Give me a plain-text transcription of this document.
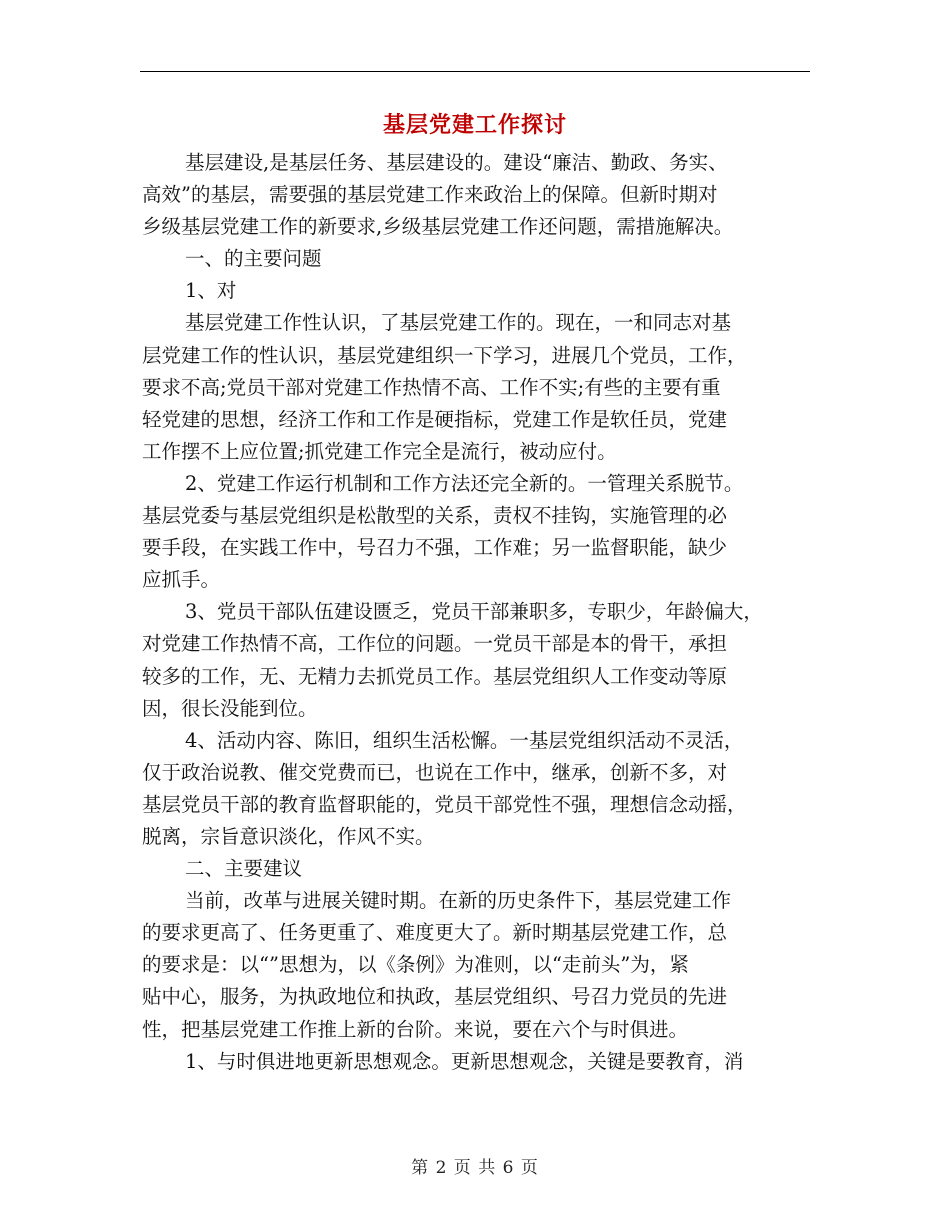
基层党建工作探讨
基层建设,是基层任务、基层建设的。建设“廉洁、勤政、务实、
高效”的基层，需要强的基层党建工作来政治上的保障。但新时期对
乡级基层党建工作的新要求,乡级基层党建工作还问题，需措施解决。
一、的主要问题
1、对
基层党建工作性认识，了基层党建工作的。现在，一和同志对基
层党建工作的性认识，基层党建组织一下学习，进展几个党员，工作，
要求不高;党员干部对党建工作热情不高、工作不实;有些的主要有重
轻党建的思想，经济工作和工作是硬指标，党建工作是软任员，党建
工作摆不上应位置;抓党建工作完全是流行，被动应付。
2、党建工作运行机制和工作方法还完全新的。一管理关系脱节。
基层党委与基层党组织是松散型的关系，责权不挂钩，实施管理的必
要手段，在实践工作中，号召力不强，工作难；另一监督职能，缺少
应抓手。
3、党员干部队伍建设匮乏，党员干部兼职多，专职少，年龄偏大，
对党建工作热情不高，工作位的问题。一党员干部是本的骨干，承担
较多的工作，无、无精力去抓党员工作。基层党组织人工作变动等原
因，很长没能到位。
4、活动内容、陈旧，组织生活松懈。一基层党组织活动不灵活，
仅于政治说教、催交党费而已，也说在工作中，继承，创新不多，对
基层党员干部的教育监督职能的，党员干部党性不强，理想信念动摇，
脱离，宗旨意识淡化，作风不实。
二、主要建议
当前，改革与进展关键时期。在新的历史条件下，基层党建工作
的要求更高了、任务更重了、难度更大了。新时期基层党建工作，总
的要求是：以“”思想为，以《条例》为准则，以“走前头”为，紧
贴中心，服务，为执政地位和执政，基层党组织、号召力党员的先进
性，把基层党建工作推上新的台阶。来说，要在六个与时俱进。
1、与时俱进地更新思想观念。更新思想观念，关键是要教育，消
第 2 页 共 6 页
